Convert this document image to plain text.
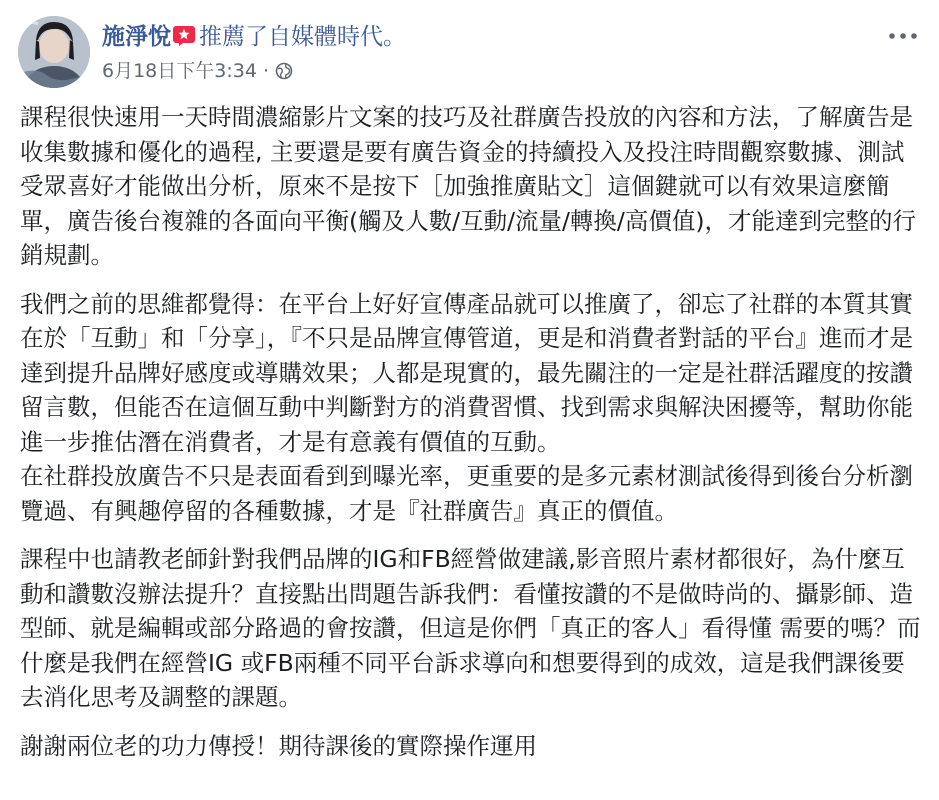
施淨悅 推薦了自媒體時代。
6月18日下午3:34 ·

課程很快速用一天時間濃縮影片文案的技巧及社群廣告投放的內容和方法，了解廣告是收集數據和優化的過程, 主要還是要有廣告資金的持續投入及投注時間觀察數據、測試受眾喜好才能做出分析，原來不是按下［加強推廣貼文］這個鍵就可以有效果這麼簡單，廣告後台複雜的各面向平衡(觸及人數/互動/流量/轉換/高價值)，才能達到完整的行銷規劃。

我們之前的思維都覺得：在平台上好好宣傳產品就可以推廣了，卻忘了社群的本質其實在於「互動」和「分享」，『不只是品牌宣傳管道，更是和消費者對話的平台』進而才是達到提升品牌好感度或導購效果；人都是現實的，最先關注的一定是社群活躍度的按讚留言數，但能否在這個互動中判斷對方的消費習慣、找到需求與解決困擾等，幫助你能進一步推估潛在消費者，才是有意義有價值的互動。
在社群投放廣告不只是表面看到到曝光率，更重要的是多元素材測試後得到後台分析瀏覽過、有興趣停留的各種數據，才是『社群廣告』真正的價值。

課程中也請教老師針對我們品牌的IG和FB經營做建議,影音照片素材都很好，為什麼互動和讚數沒辦法提升？直接點出問題告訴我們：看懂按讚的不是做時尚的、攝影師、造型師、就是編輯或部分路過的會按讚，但這是你們「真正的客人」看得懂 需要的嗎？而什麼是我們在經營IG 或FB兩種不同平台訴求導向和想要得到的成效，這是我們課後要去消化思考及調整的課題。

謝謝兩位老的功力傳授！期待課後的實際操作運用
